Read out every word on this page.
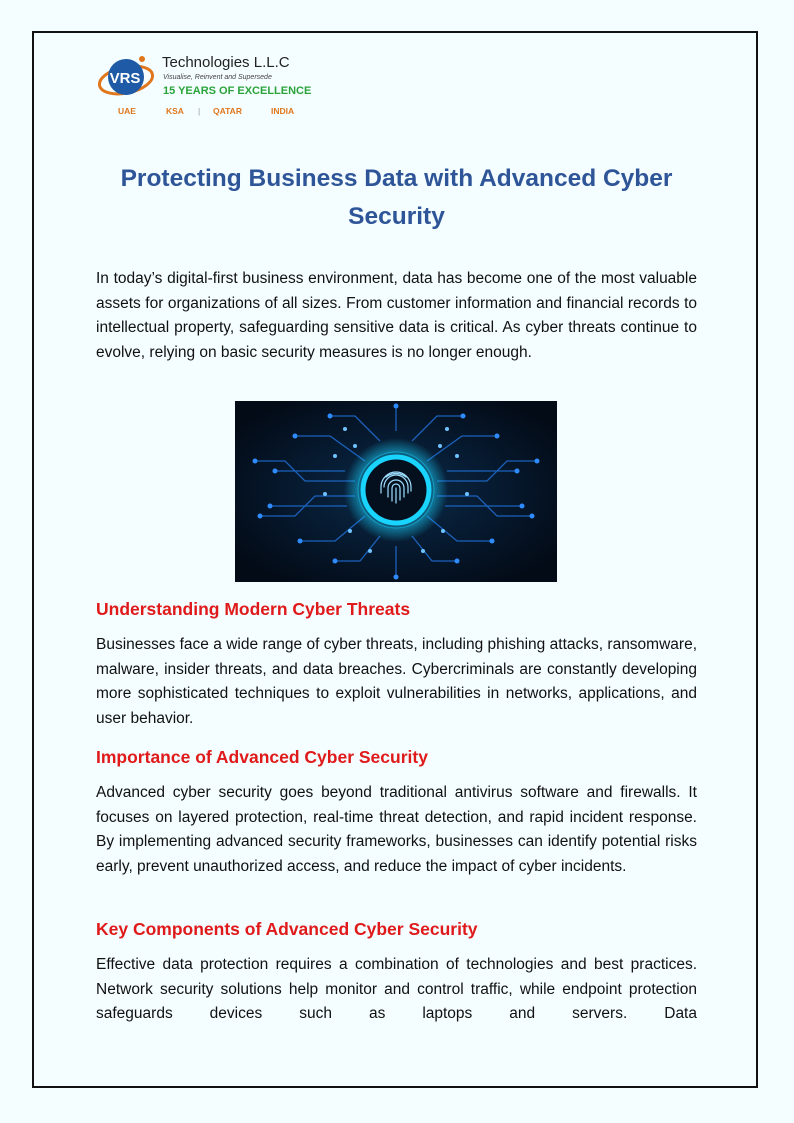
VRS
Technologies L.L.C
Visualise, Reinvent and Supersede
15 YEARS OF EXCELLENCE
UAE	KSA | QATAR	INDIA
Protecting Business Data with Advanced Cyber Security

In today’s digital-first business environment, data has become one of the most valuable assets for organizations of all sizes. From customer information and financial records to intellectual property, safeguarding sensitive data is critical. As cyber threats continue to evolve, relying on basic security measures is no longer enough.

Understanding Modern Cyber Threats

Businesses face a wide range of cyber threats, including phishing attacks, ransomware, malware, insider threats, and data breaches. Cybercriminals are constantly developing more sophisticated techniques to exploit vulnerabilities in networks, applications, and user behavior.

Importance of Advanced Cyber Security

Advanced cyber security goes beyond traditional antivirus software and firewalls. It focuses on layered protection, real-time threat detection, and rapid incident response. By implementing advanced security frameworks, businesses can identify potential risks early, prevent unauthorized access, and reduce the impact of cyber incidents.

Key Components of Advanced Cyber Security

Effective data protection requires a combination of technologies and best practices. Network security solutions help monitor and control traffic, while endpoint protection safeguards devices such as laptops and servers. Data
